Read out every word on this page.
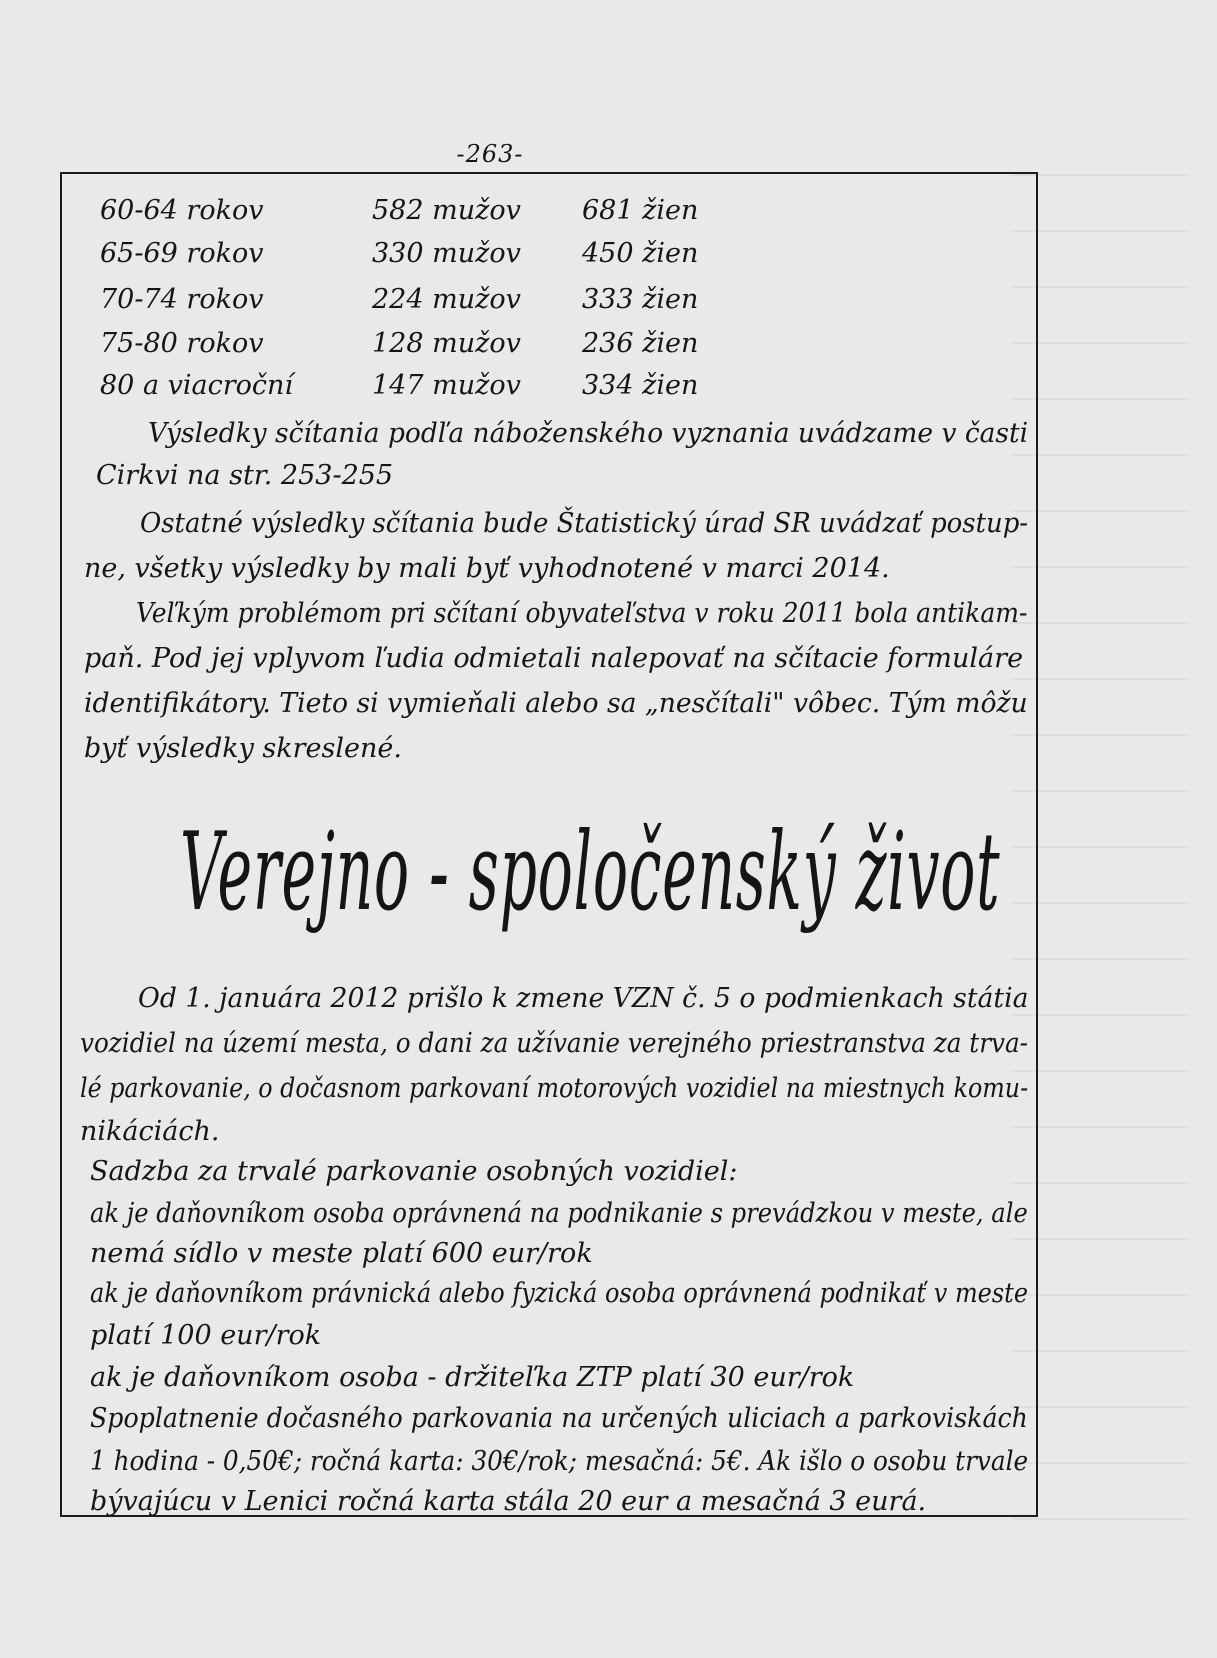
-263-
60-64 rokov	582 mužov 681 žien
65-69 rokov	330 mužov 450 žien
70-74 rokov	224 mužov 333 žien
75-80 rokov	128 mužov 236 žien
80 a viacroční	147 mužov 334 žien
Výsledky sčítania podľa náboženského vyznania uvádzame v časti
Cirkvi na str. 253-255
Ostatné výsledky sčítania bude Štatistický úrad SR uvádzať postup-
ne, všetky výsledky by mali byť vyhodnotené v marci 2014.
Veľkým problémom pri sčítaní obyvateľstva v roku 2011 bola antikam-
paň. Pod jej vplyvom ľudia odmietali nalepovať na sčítacie formuláre
identifikátory. Tieto si vymieňali alebo sa „nesčítali" vôbec. Tým môžu
byť výsledky skreslené.
Verejno - spoločenský život
Od 1. januára 2012 prišlo k zmene VZN č. 5 o podmienkach státia
vozidiel na území mesta, o dani za užívanie verejného priestranstva za trva-
lé parkovanie, o dočasnom parkovaní motorových vozidiel na miestnych komu-
nikáciách.
Sadzba za trvalé parkovanie osobných vozidiel:
ak je daňovníkom osoba oprávnená na podnikanie s prevádzkou v meste, ale
nemá sídlo v meste platí 600 eur/rok
ak je daňovníkom právnická alebo fyzická osoba oprávnená podnikať v meste
platí 100 eur/rok
ak je daňovníkom osoba - držiteľka ZTP platí 30 eur/rok
Spoplatnenie dočasného parkovania na určených uliciach a parkoviskách
1 hodina - 0,50€; ročná karta: 30€/rok; mesačná: 5€. Ak išlo o osobu trvale
bývajúcu v Lenici ročná karta stála 20 eur a mesačná 3 eurá.
